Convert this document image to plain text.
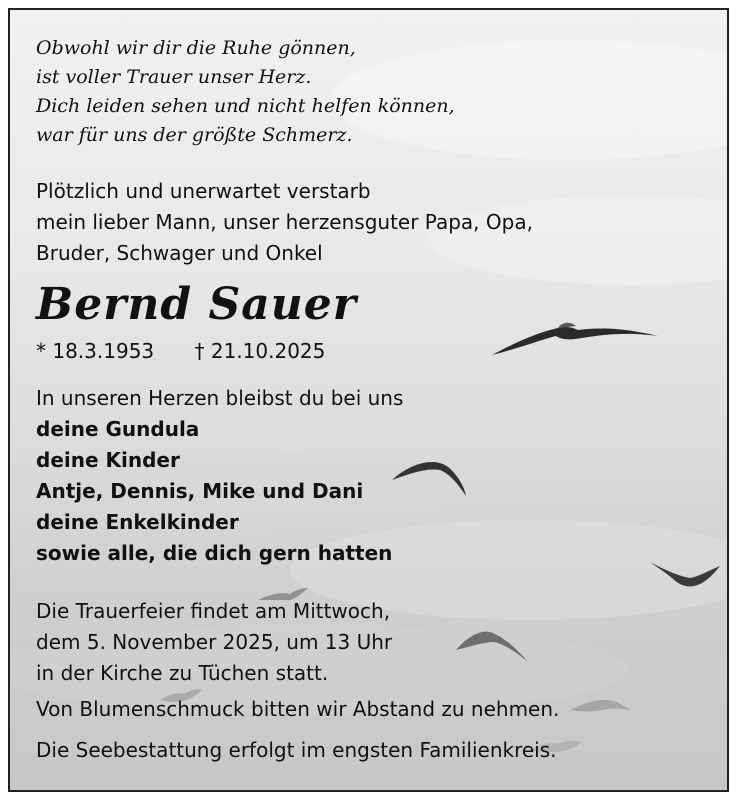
Obwohl wir dir die Ruhe gönnen,
ist voller Trauer unser Herz.
Dich leiden sehen und nicht helfen können,
war für uns der größte Schmerz.
Plötzlich und unerwartet verstarb
mein lieber Mann, unser herzensguter Papa, Opa,
Bruder, Schwager und Onkel
Bernd Sauer
* 18.3.1953 † 21.10.2025
In unseren Herzen bleibst du bei uns
deine Gundula
deine Kinder
Antje, Dennis, Mike und Dani
deine Enkelkinder
sowie alle, die dich gern hatten
Die Trauerfeier findet am Mittwoch,
dem 5. November 2025, um 13 Uhr
in der Kirche zu Tüchen statt.
Von Blumenschmuck bitten wir Abstand zu nehmen.
Die Seebestattung erfolgt im engsten Familienkreis.
